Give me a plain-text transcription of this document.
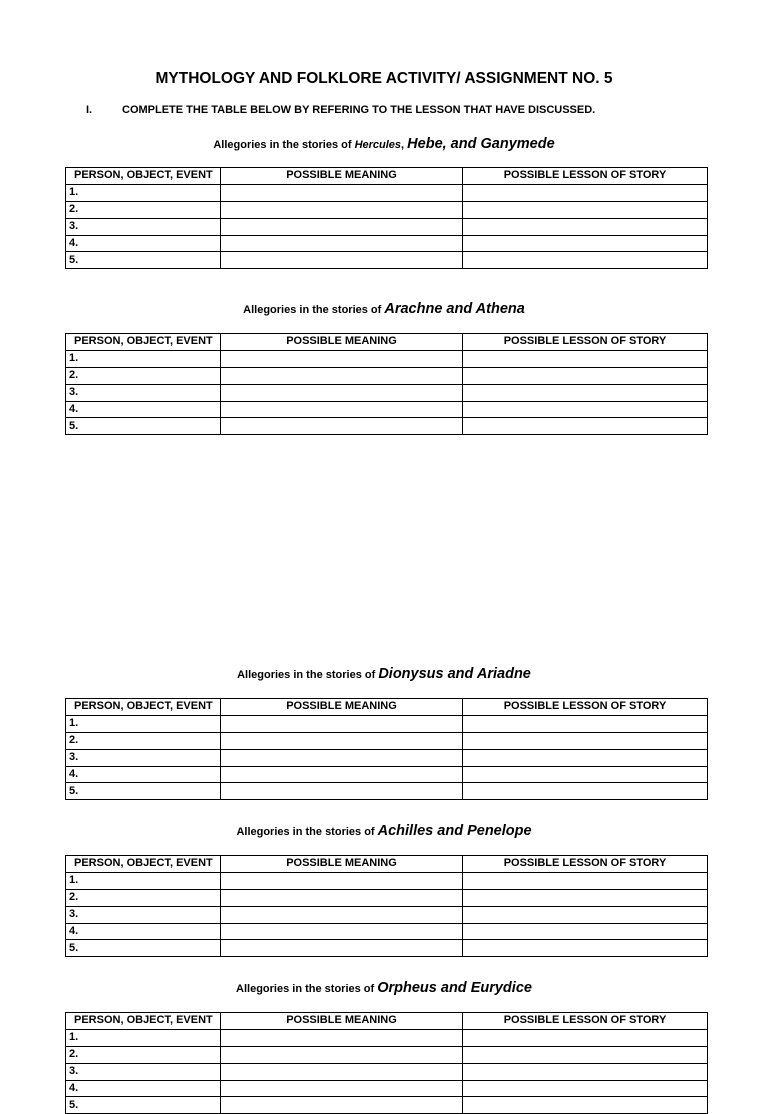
MYTHOLOGY AND FOLKLORE ACTIVITY/ ASSIGNMENT NO. 5
I.	COMPLETE THE TABLE BELOW BY REFERING TO THE LESSON THAT HAVE DISCUSSED.
Allegories in the stories of Hercules, Hebe, and Ganymede
PERSON, OBJECT, EVENT	POSSIBLE MEANING	POSSIBLE LESSON OF STORY
1.		
2.		
3.		
4.		
5.		
Allegories in the stories of Arachne and Athena
PERSON, OBJECT, EVENT	POSSIBLE MEANING	POSSIBLE LESSON OF STORY
1.		
2.		
3.		
4.		
5.		
Allegories in the stories of Dionysus and Ariadne
PERSON, OBJECT, EVENT	POSSIBLE MEANING	POSSIBLE LESSON OF STORY
1.		
2.		
3.		
4.		
5.		
Allegories in the stories of Achilles and Penelope
PERSON, OBJECT, EVENT	POSSIBLE MEANING	POSSIBLE LESSON OF STORY
1.		
2.		
3.		
4.		
5.		
Allegories in the stories of Orpheus and Eurydice
PERSON, OBJECT, EVENT	POSSIBLE MEANING	POSSIBLE LESSON OF STORY
1.		
2.		
3.		
4.		
5.		
